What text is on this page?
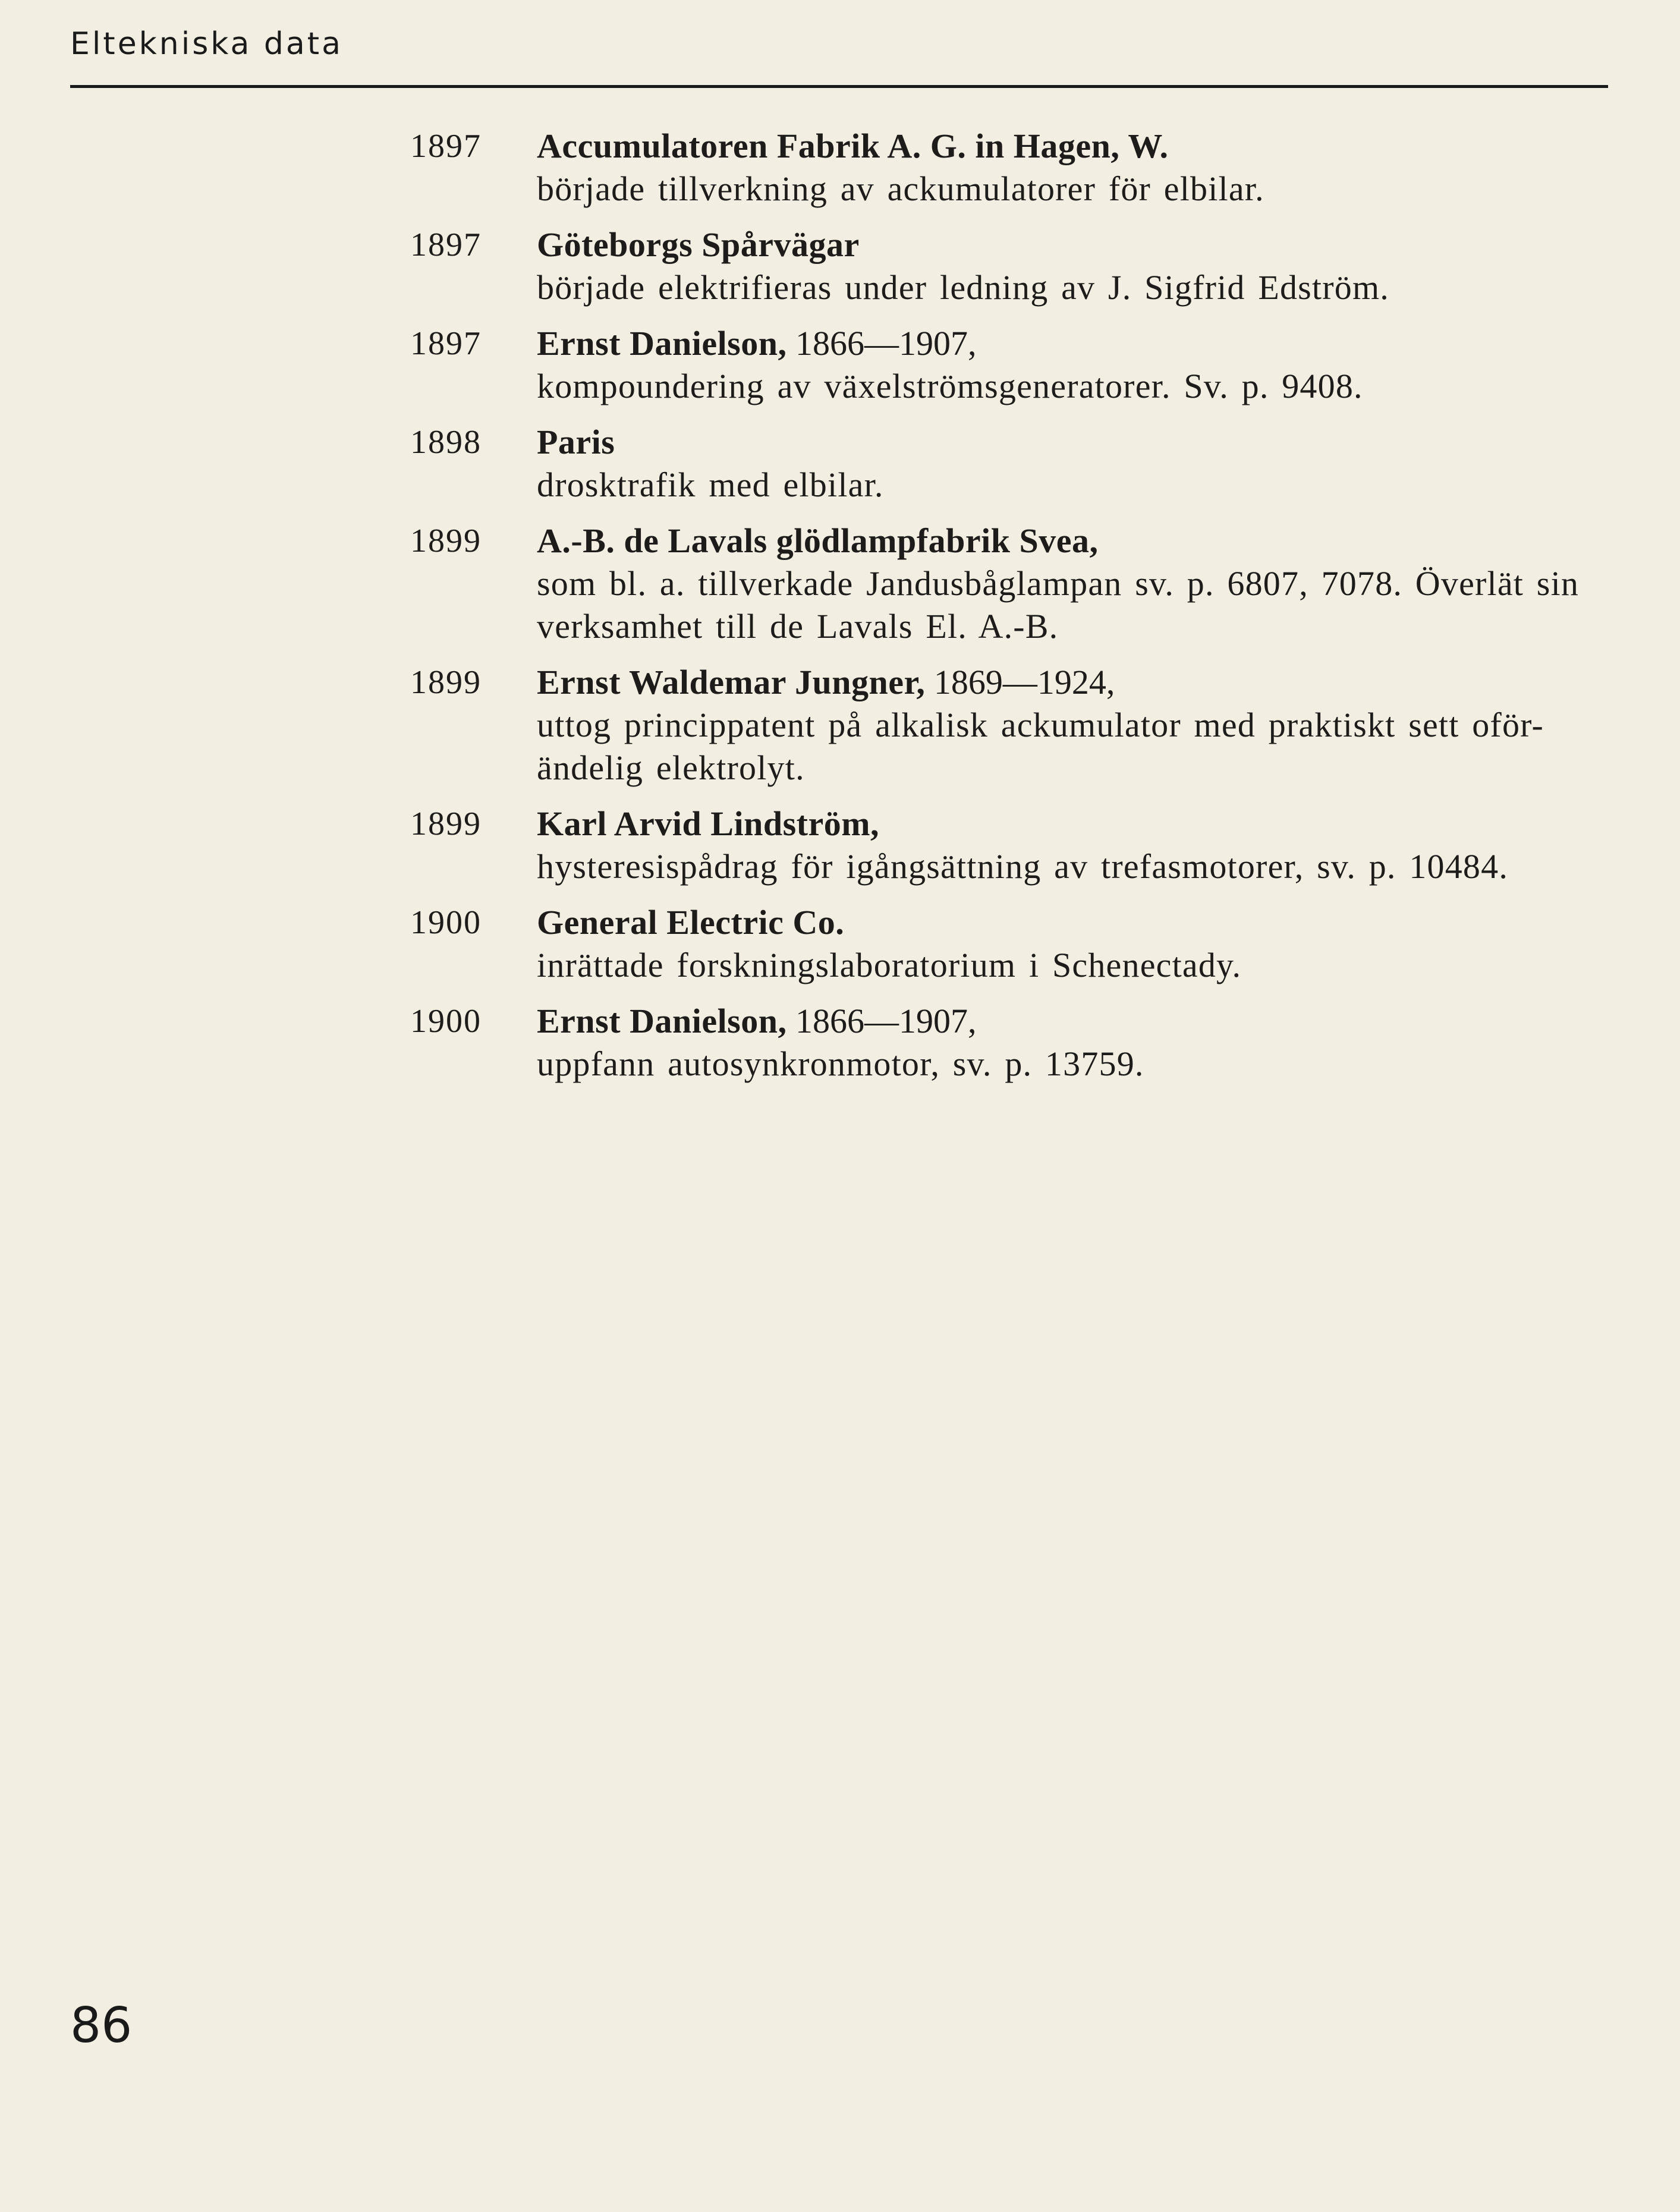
Eltekniska data
1897	Accumulatoren Fabrik A. G. in Hagen, W.
började tillverkning av ackumulatorer för elbilar.
1897	Göteborgs Spårvägar
började elektrifieras under ledning av J. Sigfrid Edström.
1897	Ernst Danielson, 1866—1907,
kompoundering av växelströmsgeneratorer. Sv. p. 9408.
1898	Paris
drosktrafik med elbilar.
1899	A.-B. de Lavals glödlampfabrik Svea,
som bl. a. tillverkade Jandusbåglampan sv. p. 6807, 7078. Överlät sin verksamhet till de Lavals El. A.-B.
1899	Ernst Waldemar Jungner, 1869—1924,
uttog princippatent på alkalisk ackumulator med praktiskt sett oför-ändelig elektrolyt.
1899	Karl Arvid Lindström,
hysteresispådrag för igångsättning av trefasmotorer, sv. p. 10484.
1900	General Electric Co.
inrättade forskningslaboratorium i Schenectady.
1900	Ernst Danielson, 1866—1907,
uppfann autosynkronmotor, sv. p. 13759.
86
